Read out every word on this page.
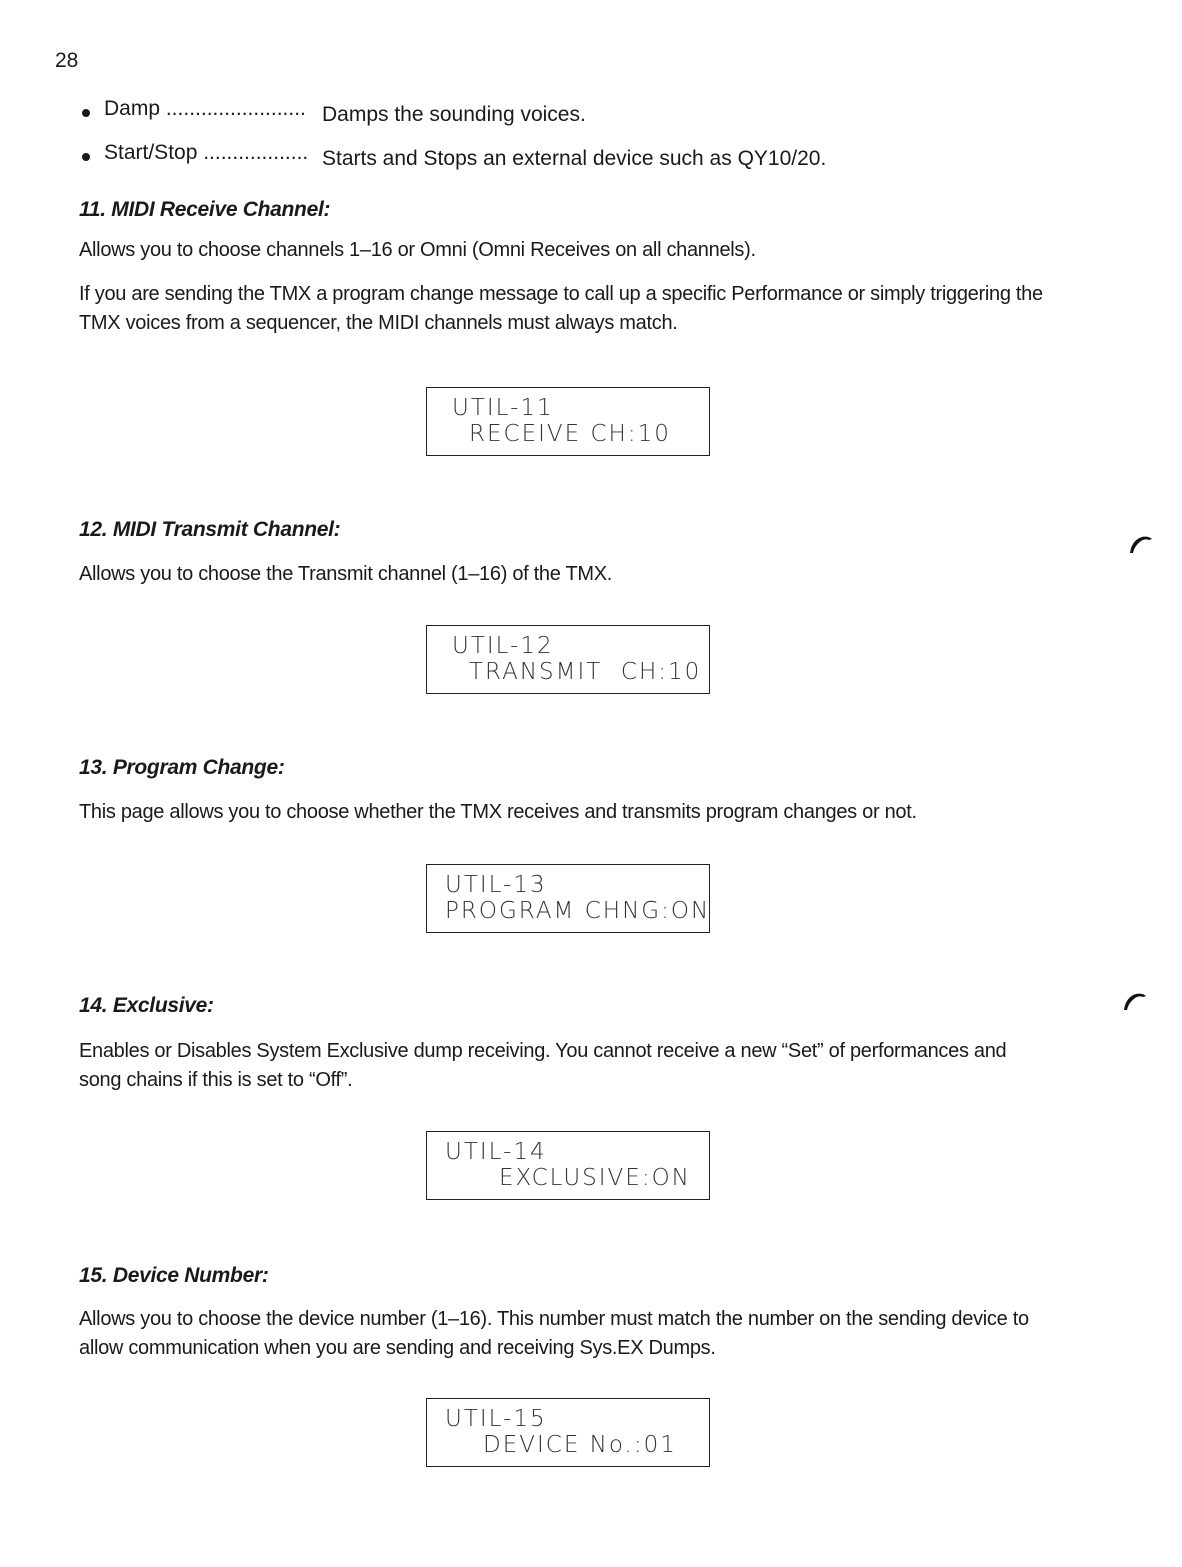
28
Damp ........................ Damps the sounding voices.
Start/Stop .................. Starts and Stops an external device such as QY10/20.
11. MIDI Receive Channel:
Allows you to choose channels 1–16 or Omni (Omni Receives on all channels).
If you are sending the TMX a program change message to call up a specific Performance or simply triggering the TMX voices from a sequencer, the MIDI channels must always match.
UTIL-11
RECEIVE CH:10
12. MIDI Transmit Channel:
Allows you to choose the Transmit channel (1–16) of the TMX.
UTIL-12
TRANSMIT  CH:10
13. Program Change:
This page allows you to choose whether the TMX receives and transmits program changes or not.
UTIL-13
PROGRAM CHNG:ON
14. Exclusive:
Enables or Disables System Exclusive dump receiving. You cannot receive a new “Set” of performances and song chains if this is set to “Off”.
UTIL-14
EXCLUSIVE:ON
15. Device Number:
Allows you to choose the device number (1–16). This number must match the number on the sending device to allow communication when you are sending and receiving Sys.EX Dumps.
UTIL-15
DEVICE No.:01
